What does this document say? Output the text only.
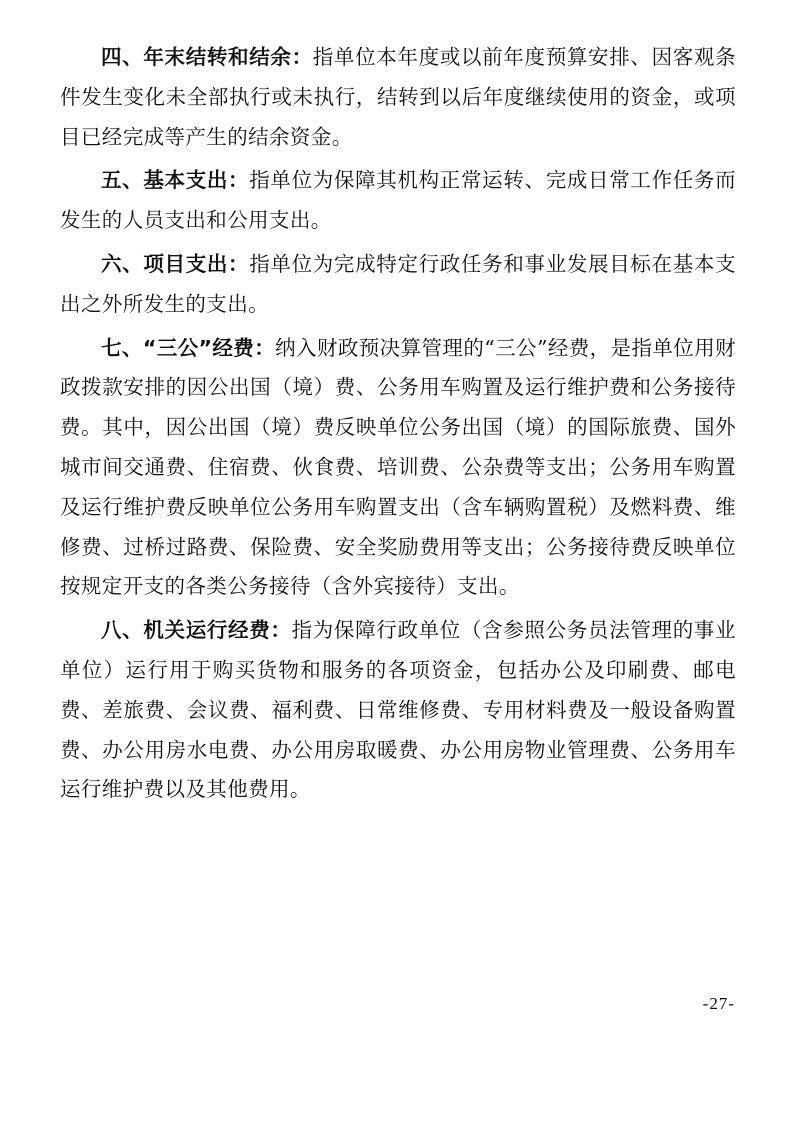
四、年末结转和结余：指单位本年度或以前年度预算安排、因客观条件发生变化未全部执行或未执行，结转到以后年度继续使用的资金，或项目已经完成等产生的结余资金。

五、基本支出：指单位为保障其机构正常运转、完成日常工作任务而发生的人员支出和公用支出。

六、项目支出：指单位为完成特定行政任务和事业发展目标在基本支出之外所发生的支出。

七、“三公”经费：纳入财政预决算管理的“三公”经费，是指单位用财政拨款安排的因公出国（境）费、公务用车购置及运行维护费和公务接待费。其中，因公出国（境）费反映单位公务出国（境）的国际旅费、国外城市间交通费、住宿费、伙食费、培训费、公杂费等支出；公务用车购置及运行维护费反映单位公务用车购置支出（含车辆购置税）及燃料费、维修费、过桥过路费、保险费、安全奖励费用等支出；公务接待费反映单位按规定开支的各类公务接待（含外宾接待）支出。

八、机关运行经费：指为保障行政单位（含参照公务员法管理的事业单位）运行用于购买货物和服务的各项资金，包括办公及印刷费、邮电费、差旅费、会议费、福利费、日常维修费、专用材料费及一般设备购置费、办公用房水电费、办公用房取暖费、办公用房物业管理费、公务用车运行维护费以及其他费用。

-27-
